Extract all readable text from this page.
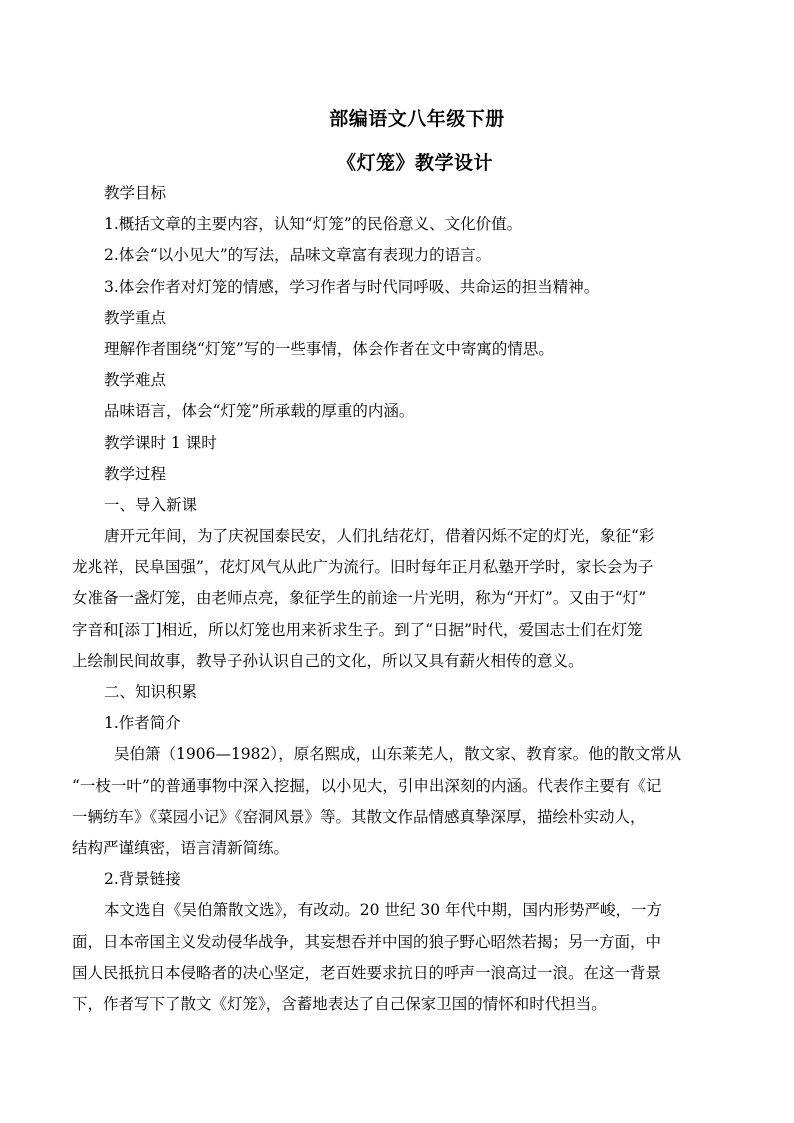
部编语文八年级下册
《灯笼》教学设计
教学目标
1.概括文章的主要内容，认知“灯笼”的民俗意义、文化价值。
2.体会“以小见大”的写法，品味文章富有表现力的语言。
3.体会作者对灯笼的情感，学习作者与时代同呼吸、共命运的担当精神。
教学重点
理解作者围绕“灯笼”写的一些事情，体会作者在文中寄寓的情思。
教学难点
品味语言，体会“灯笼”所承载的厚重的内涵。
教学课时 1 课时
教学过程
一、导入新课
唐开元年间，为了庆祝国泰民安，人们扎结花灯，借着闪烁不定的灯光，象征“彩
龙兆祥，民阜国强”，花灯风气从此广为流行。旧时每年正月私塾开学时，家长会为子
女准备一盏灯笼，由老师点亮，象征学生的前途一片光明，称为“开灯”。又由于“灯”
字音和[添丁]相近，所以灯笼也用来祈求生子。到了“日据”时代，爱国志士们在灯笼
上绘制民间故事，教导子孙认识自己的文化，所以又具有薪火相传的意义。
二、知识积累
1.作者简介
吴伯箫（1906—1982），原名熙成，山东莱芜人，散文家、教育家。他的散文常从
“一枝一叶”的普通事物中深入挖掘，以小见大，引申出深刻的内涵。代表作主要有《记
一辆纺车》《菜园小记》《窑洞风景》等。其散文作品情感真挚深厚，描绘朴实动人，
结构严谨缜密，语言清新简练。
2.背景链接
本文选自《吴伯箫散文选》，有改动。20 世纪 30 年代中期，国内形势严峻，一方
面，日本帝国主义发动侵华战争，其妄想吞并中国的狼子野心昭然若揭；另一方面，中
国人民抵抗日本侵略者的决心坚定，老百姓要求抗日的呼声一浪高过一浪。在这一背景
下，作者写下了散文《灯笼》，含蓄地表达了自己保家卫国的情怀和时代担当。
